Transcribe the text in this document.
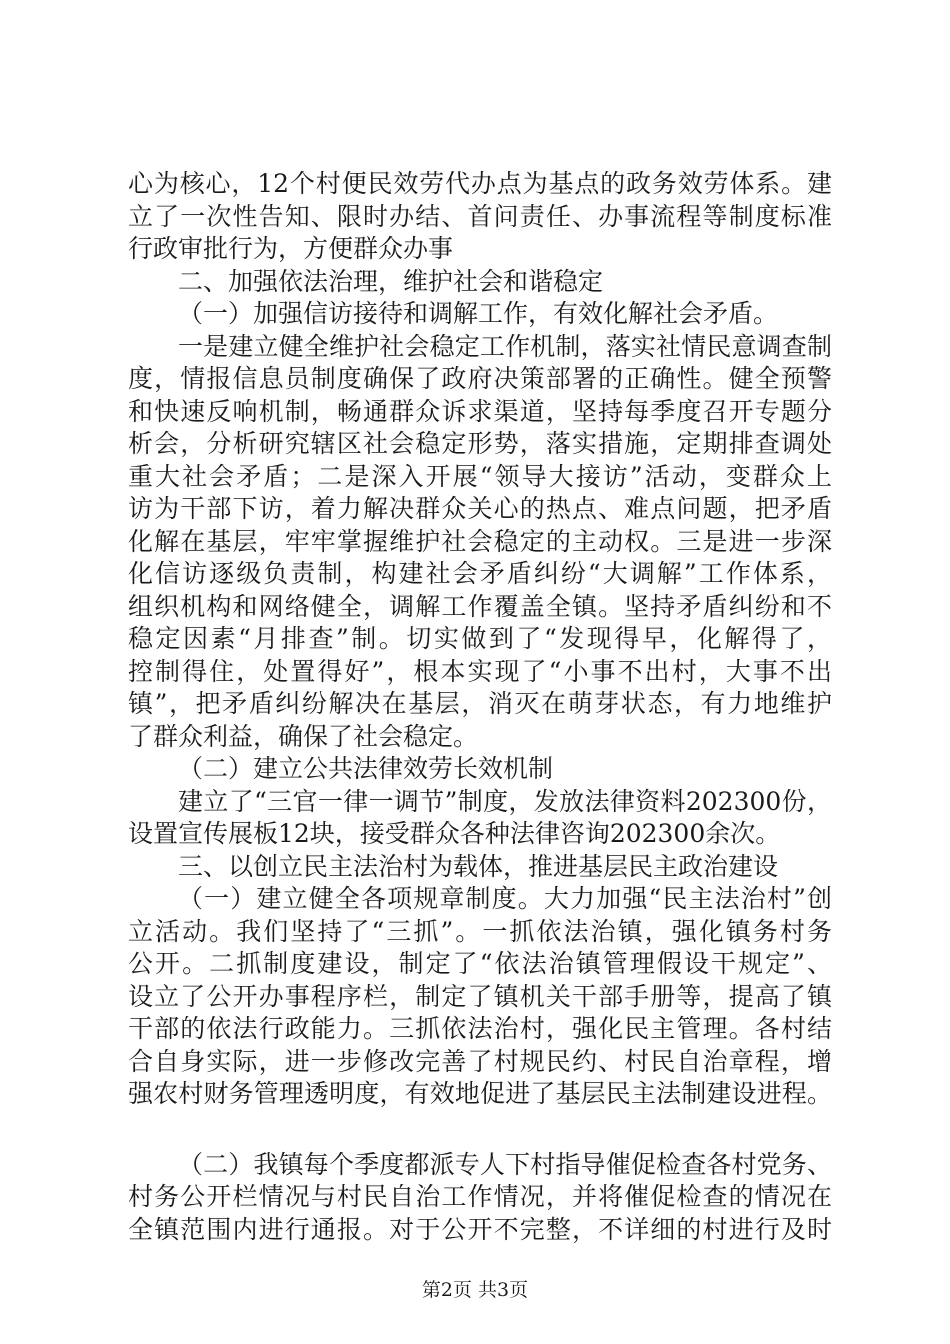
心为核心，12个村便民效劳代办点为基点的政务效劳体系。建
立了一次性告知、限时办结、首问责任、办事流程等制度标准
行政审批行为，方便群众办事
二、加强依法治理，维护社会和谐稳定
（一）加强信访接待和调解工作，有效化解社会矛盾。
一是建立健全维护社会稳定工作机制，落实社情民意调查制
度，情报信息员制度确保了政府决策部署的正确性。健全预警
和快速反响机制，畅通群众诉求渠道，坚持每季度召开专题分
析会，分析研究辖区社会稳定形势，落实措施，定期排查调处
重大社会矛盾；二是深入开展“领导大接访”活动，变群众上
访为干部下访，着力解决群众关心的热点、难点问题，把矛盾
化解在基层，牢牢掌握维护社会稳定的主动权。三是进一步深
化信访逐级负责制，构建社会矛盾纠纷“大调解”工作体系，
组织机构和网络健全，调解工作覆盖全镇。坚持矛盾纠纷和不
稳定因素“月排查”制。切实做到了“发现得早，化解得了，
控制得住，处置得好”，根本实现了“小事不出村，大事不出
镇”，把矛盾纠纷解决在基层，消灭在萌芽状态，有力地维护
了群众利益，确保了社会稳定。
（二）建立公共法律效劳长效机制
建立了“三官一律一调节”制度，发放法律资料202300份，
设置宣传展板12块，接受群众各种法律咨询202300余次。
三、以创立民主法治村为载体，推进基层民主政治建设
（一）建立健全各项规章制度。大力加强“民主法治村”创
立活动。我们坚持了“三抓”。一抓依法治镇，强化镇务村务
公开。二抓制度建设，制定了“依法治镇管理假设干规定”、
设立了公开办事程序栏，制定了镇机关干部手册等，提高了镇
干部的依法行政能力。三抓依法治村，强化民主管理。各村结
合自身实际，进一步修改完善了村规民约、村民自治章程，增
强农村财务管理透明度，有效地促进了基层民主法制建设进程。
（二）我镇每个季度都派专人下村指导催促检查各村党务、
村务公开栏情况与村民自治工作情况，并将催促检查的情况在
全镇范围内进行通报。对于公开不完整，不详细的村进行及时
第2页 共3页
